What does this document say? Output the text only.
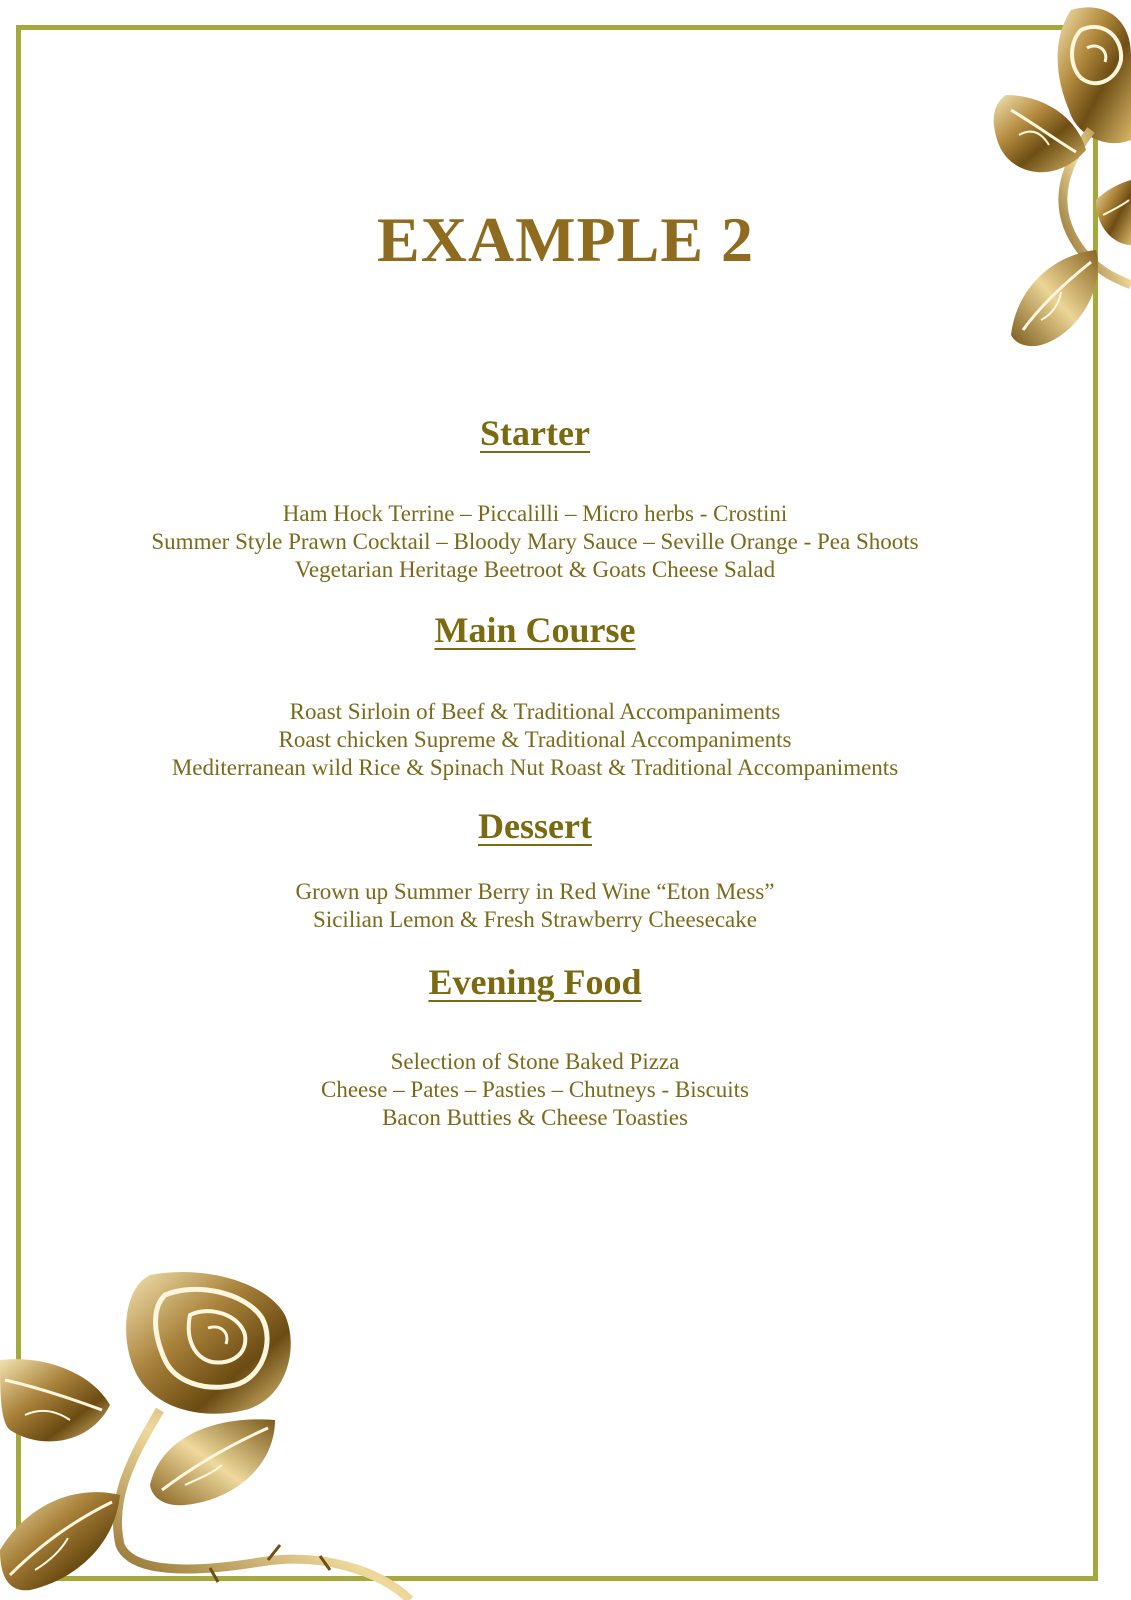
EXAMPLE 2
Starter
Ham Hock Terrine – Piccalilli – Micro herbs - Crostini
Summer Style Prawn Cocktail – Bloody Mary Sauce – Seville Orange - Pea Shoots
Vegetarian Heritage Beetroot & Goats Cheese Salad
Main Course
Roast Sirloin of Beef & Traditional Accompaniments
Roast chicken Supreme & Traditional Accompaniments
Mediterranean wild Rice & Spinach Nut Roast & Traditional Accompaniments
Dessert
Grown up Summer Berry in Red Wine “Eton Mess”
Sicilian Lemon & Fresh Strawberry Cheesecake
Evening Food
Selection of Stone Baked Pizza
Cheese – Pates – Pasties – Chutneys - Biscuits
Bacon Butties & Cheese Toasties
